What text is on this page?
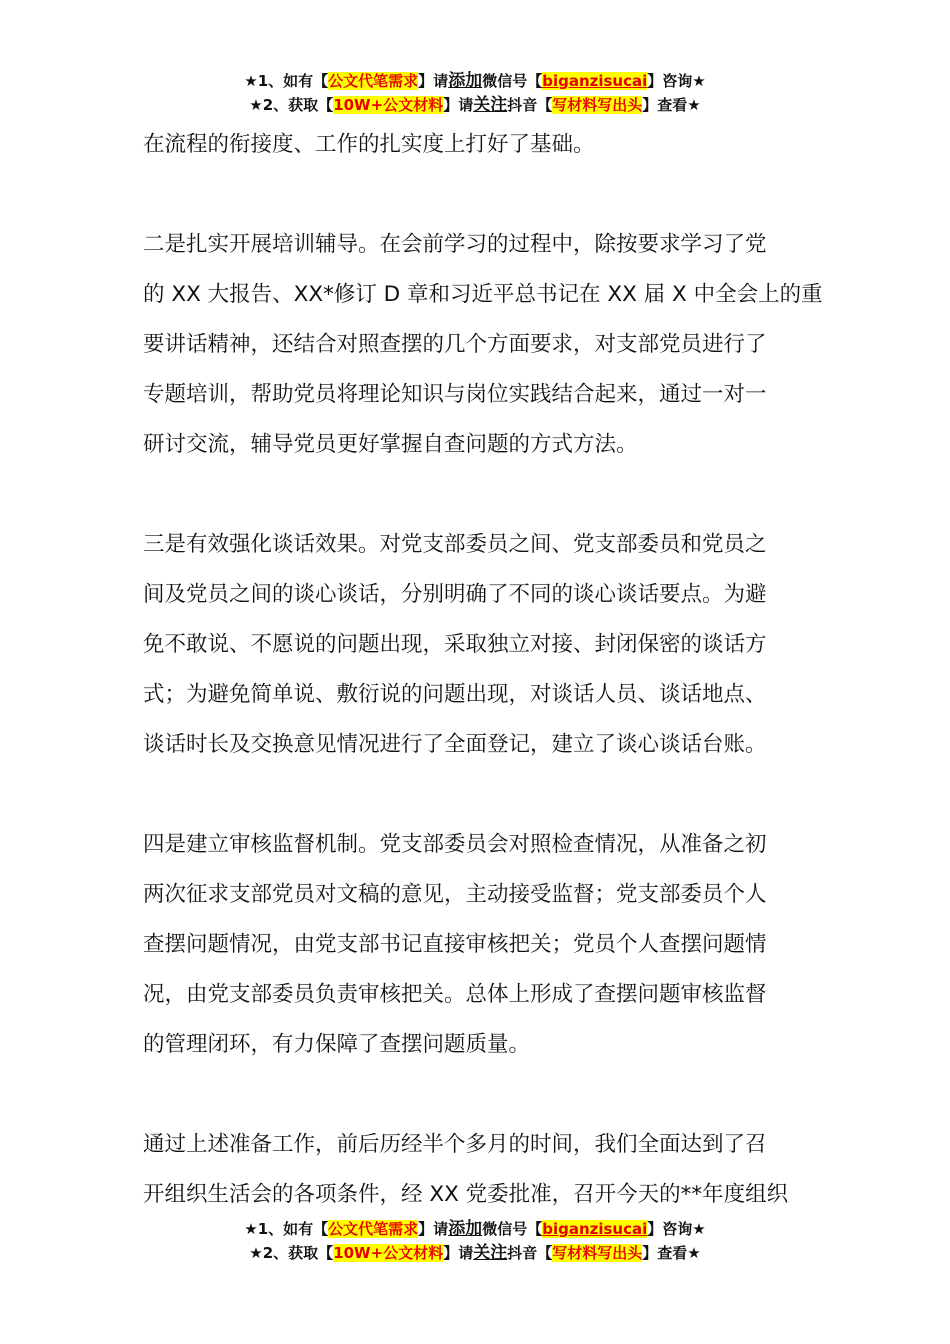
★1、如有【公文代笔需求】请添加微信号【biganzisucai】咨询★
★2、获取【10W+公文材料】请关注抖音【写材料写出头】查看★
在流程的衔接度、工作的扎实度上打好了基础。
二是扎实开展培训辅导。在会前学习的过程中，除按要求学习了党
的 XX 大报告、XX*修订 D 章和习近平总书记在 XX 届 X 中全会上的重
要讲话精神，还结合对照查摆的几个方面要求，对支部党员进行了
专题培训，帮助党员将理论知识与岗位实践结合起来，通过一对一
研讨交流，辅导党员更好掌握自查问题的方式方法。
三是有效强化谈话效果。对党支部委员之间、党支部委员和党员之
间及党员之间的谈心谈话，分别明确了不同的谈心谈话要点。为避
免不敢说、不愿说的问题出现，采取独立对接、封闭保密的谈话方
式；为避免简单说、敷衍说的问题出现，对谈话人员、谈话地点、
谈话时长及交换意见情况进行了全面登记，建立了谈心谈话台账。
四是建立审核监督机制。党支部委员会对照检查情况，从准备之初
两次征求支部党员对文稿的意见，主动接受监督；党支部委员个人
查摆问题情况，由党支部书记直接审核把关；党员个人查摆问题情
况，由党支部委员负责审核把关。总体上形成了查摆问题审核监督
的管理闭环，有力保障了查摆问题质量。
通过上述准备工作，前后历经半个多月的时间，我们全面达到了召
开组织生活会的各项条件，经 XX 党委批准，召开今天的**年度组织
★1、如有【公文代笔需求】请添加微信号【biganzisucai】咨询★
★2、获取【10W+公文材料】请关注抖音【写材料写出头】查看★
